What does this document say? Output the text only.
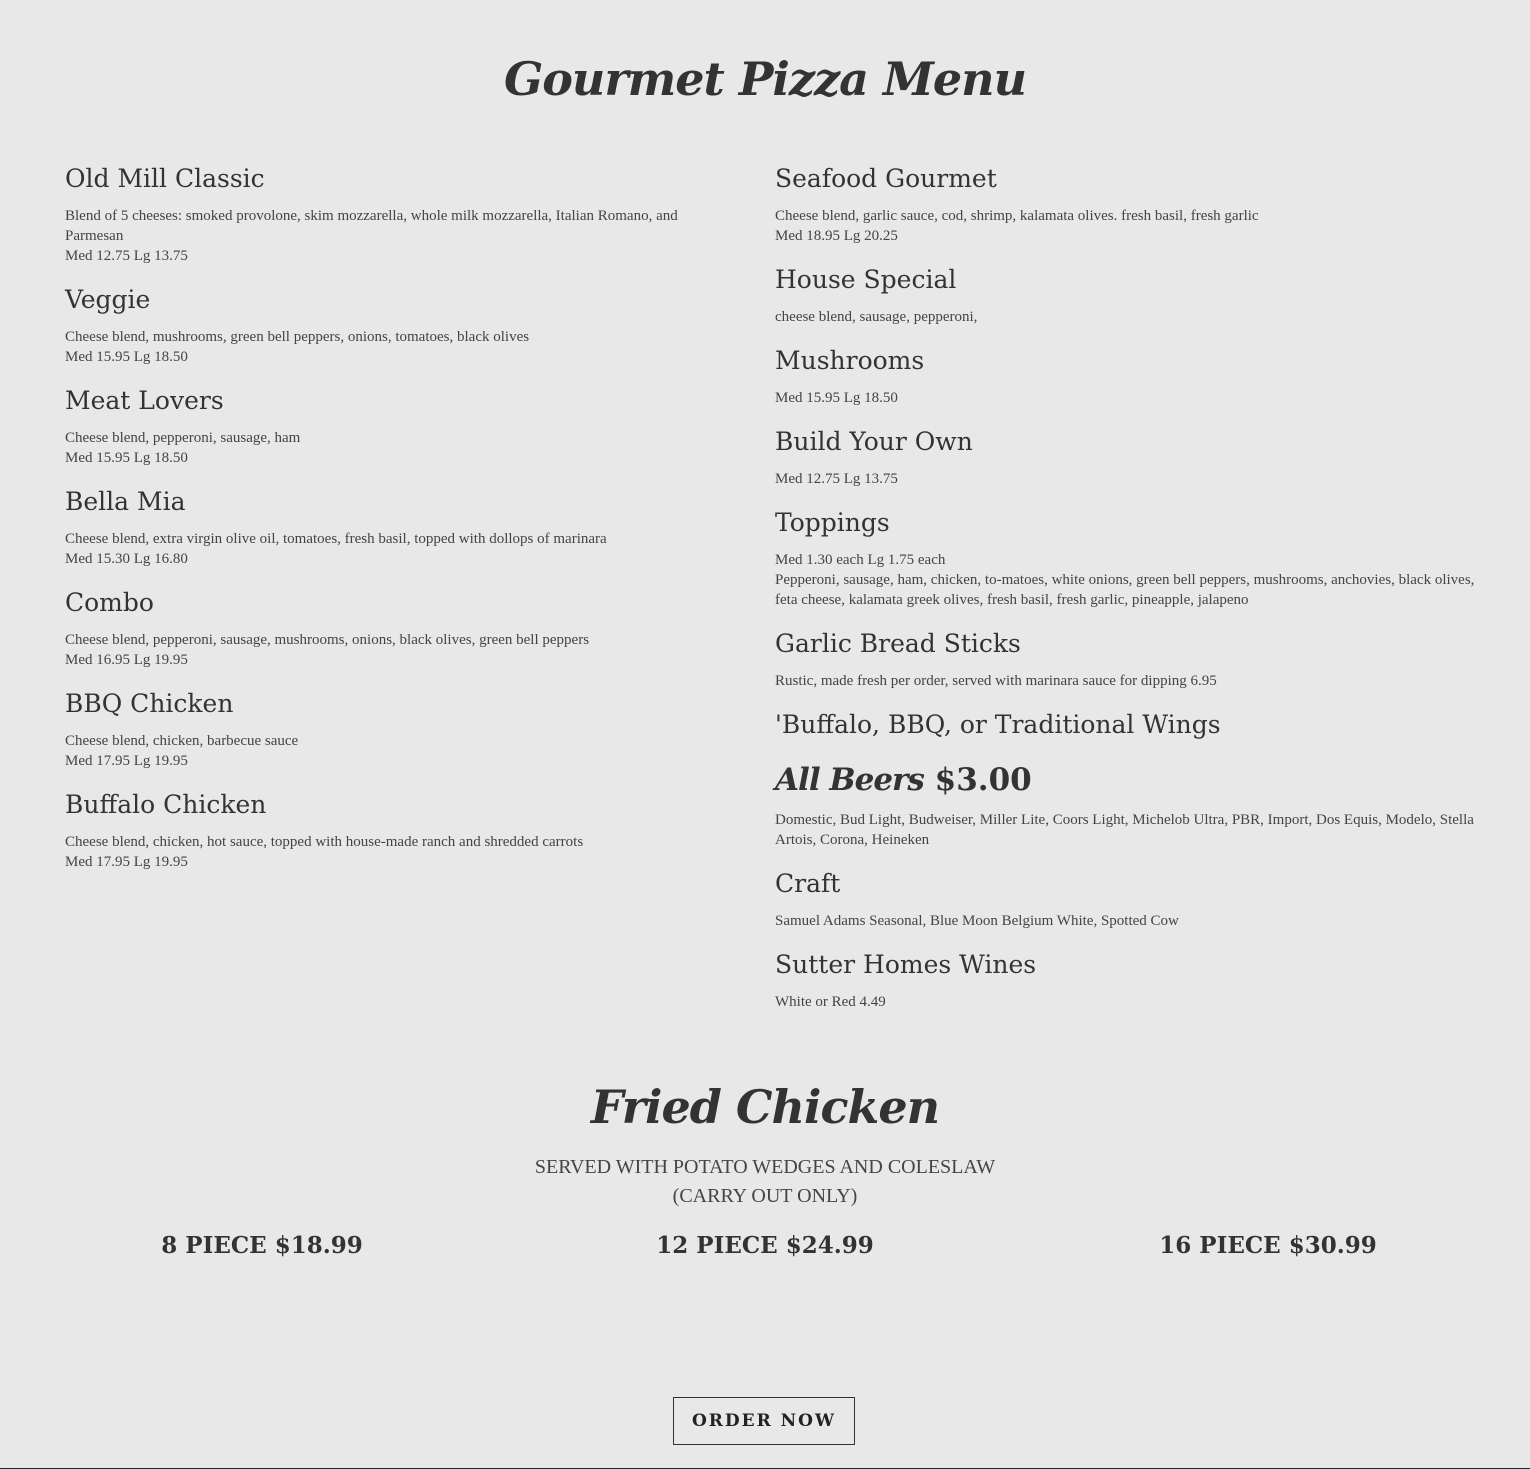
Gourmet Pizza Menu
Old Mill Classic
Blend of 5 cheeses: smoked provolone, skim mozzarella, whole milk mozzarella, Italian Romano, and Parmesan
Med 12.75 Lg 13.75
Veggie
Cheese blend, mushrooms, green bell peppers, onions, tomatoes, black olives
Med 15.95 Lg 18.50
Meat Lovers
Cheese blend, pepperoni, sausage, ham
Med 15.95 Lg 18.50
Bella Mia
Cheese blend, extra virgin olive oil, tomatoes, fresh basil, topped with dollops of marinara
Med 15.30 Lg 16.80
Combo
Cheese blend, pepperoni, sausage, mushrooms, onions, black olives, green bell peppers
Med 16.95 Lg 19.95
BBQ Chicken
Cheese blend, chicken, barbecue sauce
Med 17.95 Lg 19.95
Buffalo Chicken
Cheese blend, chicken, hot sauce, topped with house-made ranch and shredded carrots
Med 17.95 Lg 19.95
Seafood Gourmet
Cheese blend, garlic sauce, cod, shrimp, kalamata olives. fresh basil, fresh garlic
Med 18.95 Lg 20.25
House Special
cheese blend, sausage, pepperoni,
Mushrooms
Med 15.95 Lg 18.50
Build Your Own
Med 12.75 Lg 13.75
Toppings
Med 1.30 each Lg 1.75 each
Pepperoni, sausage, ham, chicken, to-matoes, white onions, green bell peppers, mushrooms, anchovies, black olives, feta cheese, kalamata greek olives, fresh basil, fresh garlic, pineapple, jalapeno
Garlic Bread Sticks
Rustic, made fresh per order, served with marinara sauce for dipping 6.95
'Buffalo, BBQ, or Traditional Wings
All Beers $3.00
Domestic, Bud Light, Budweiser, Miller Lite, Coors Light, Michelob Ultra, PBR, Import, Dos Equis, Modelo, Stella Artois, Corona, Heineken
Craft
Samuel Adams Seasonal, Blue Moon Belgium White, Spotted Cow
Sutter Homes Wines
White or Red 4.49
Fried Chicken
SERVED WITH POTATO WEDGES AND COLESLAW
(CARRY OUT ONLY)
8 PIECE $18.99	12 PIECE $24.99	16 PIECE $30.99
ORDER NOW
